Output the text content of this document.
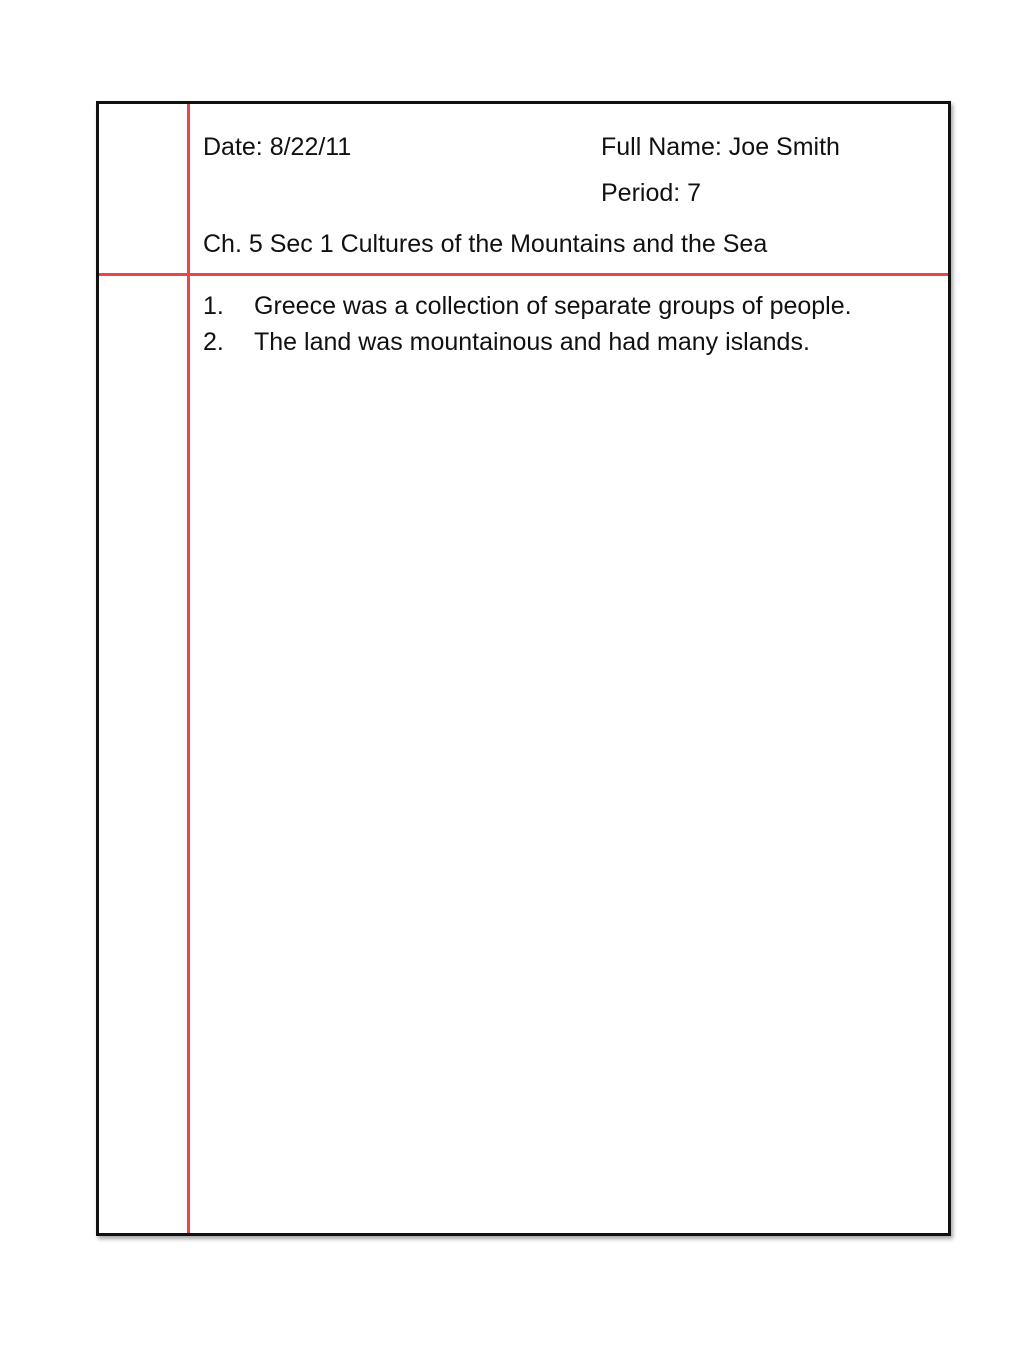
Date: 8/22/11	Full Name: Joe Smith
Period: 7
Ch. 5 Sec 1 Cultures of the Mountains and the Sea
1. Greece was a collection of separate groups of people.
2. The land was mountainous and had many islands.
